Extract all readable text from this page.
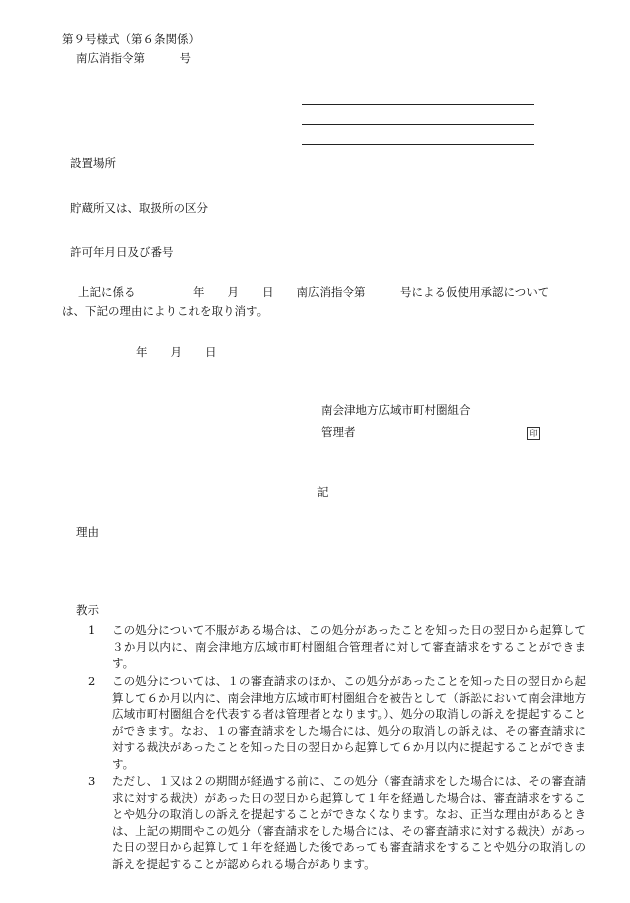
第９号様式（第６条関係）
南広消指令第　　　号
設置場所
貯蔵所又は、取扱所の区分
許可年月日及び番号
上記に係る　　　　　年　　月　　日　　南広消指令第　　　号による仮使用承認について
は、下記の理由によりこれを取り消す。
年　　月　　日
南会津地方広域市町村圏組合
管理者	印
記
理由
教示
1	この処分について不服がある場合は、この処分があったことを知った日の翌日から起算して３か月以内に、南会津地方広域市町村圏組合管理者に対して審査請求をすることができます。
2	この処分については、１の審査請求のほか、この処分があったことを知った日の翌日から起算して６か月以内に、南会津地方広域市町村圏組合を被告として（訴訟において南会津地方広域市町村圏組合を代表する者は管理者となります。）、処分の取消しの訴えを提起することができます。なお、１の審査請求をした場合には、処分の取消しの訴えは、その審査請求に対する裁決があったことを知った日の翌日から起算して６か月以内に提起することができます。
3	ただし、１又は２の期間が経過する前に、この処分（審査請求をした場合には、その審査請求に対する裁決）があった日の翌日から起算して１年を経過した場合は、審査請求をすることや処分の取消しの訴えを提起することができなくなります。なお、正当な理由があるときは、上記の期間やこの処分（審査請求をした場合には、その審査請求に対する裁決）があった日の翌日から起算して１年を経過した後であっても審査請求をすることや処分の取消しの訴えを提起することが認められる場合があります。
